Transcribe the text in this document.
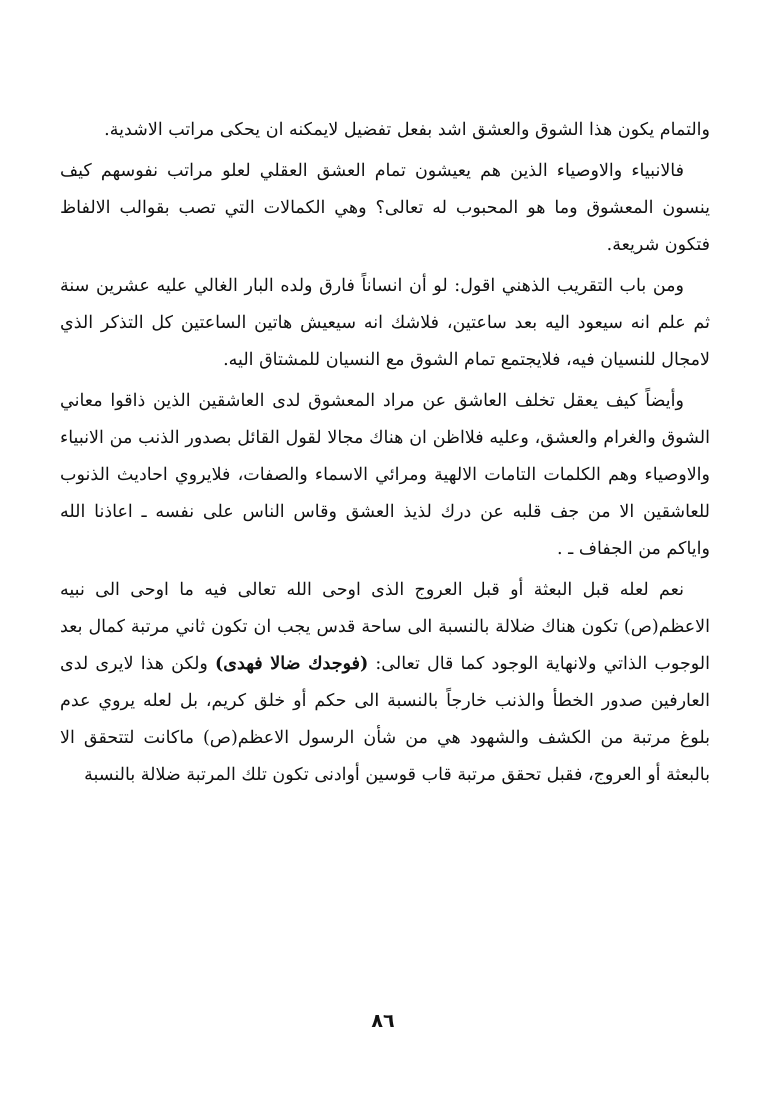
والتمام يكون هذا الشوق والعشق اشد بفعل تفضيل لايمكنه ان يحكى مراتب الاشدية.

فالانبياء والاوصياء الذين هم يعيشون تمام العشق العقلي لعلو مراتب نفوسهم كيف ينسون المعشوق وما هو المحبوب له تعالى؟ وهي الكمالات التي تصب بقوالب الالفاظ فتكون شريعة.

ومن باب التقريب الذهني اقول: لو أن انساناً فارق ولده البار الغالي عليه عشرين سنة ثم علم انه سيعود اليه بعد ساعتين، فلاشك انه سيعيش هاتين الساعتين كل التذكر الذي لامجال للنسيان فيه، فلايجتمع تمام الشوق مع النسيان للمشتاق اليه.

وأيضاً كيف يعقل تخلف العاشق عن مراد المعشوق لدى العاشقين الذين ذاقوا معاني الشوق والغرام والعشق، وعليه فلااظن ان هناك مجالا لقول القائل بصدور الذنب من الانبياء والاوصياء وهم الكلمات التامات الالهية ومرائي الاسماء والصفات، فلايروي احاديث الذنوب للعاشقين الا من جف قلبه عن درك لذيذ العشق وقاس الناس على نفسه ـ اعاذنا الله واياكم من الجفاف ـ .

نعم لعله قبل البعثة أو قبل العروج الذى اوحى الله تعالى فيه ما اوحى الى نبيه الاعظم(ص) تكون هناك ضلالة بالنسبة الى ساحة قدس يجب ان تكون ثاني مرتبة كمال بعد الوجوب الذاتي ولانهاية الوجود كما قال تعالى: (فوجدك ضالا فهدى) ولكن هذا لايرى لدى العارفين صدور الخطأ والذنب خارجاً بالنسبة الى حكم أو خلق كريم، بل لعله يروي عدم بلوغ مرتبة من الكشف والشهود هي من شأن الرسول الاعظم(ص) ماكانت لتتحقق الا بالبعثة أو العروج، فقبل تحقق مرتبة قاب قوسين أوادنى تكون تلك المرتبة ضلالة بالنسبة

٨٦
